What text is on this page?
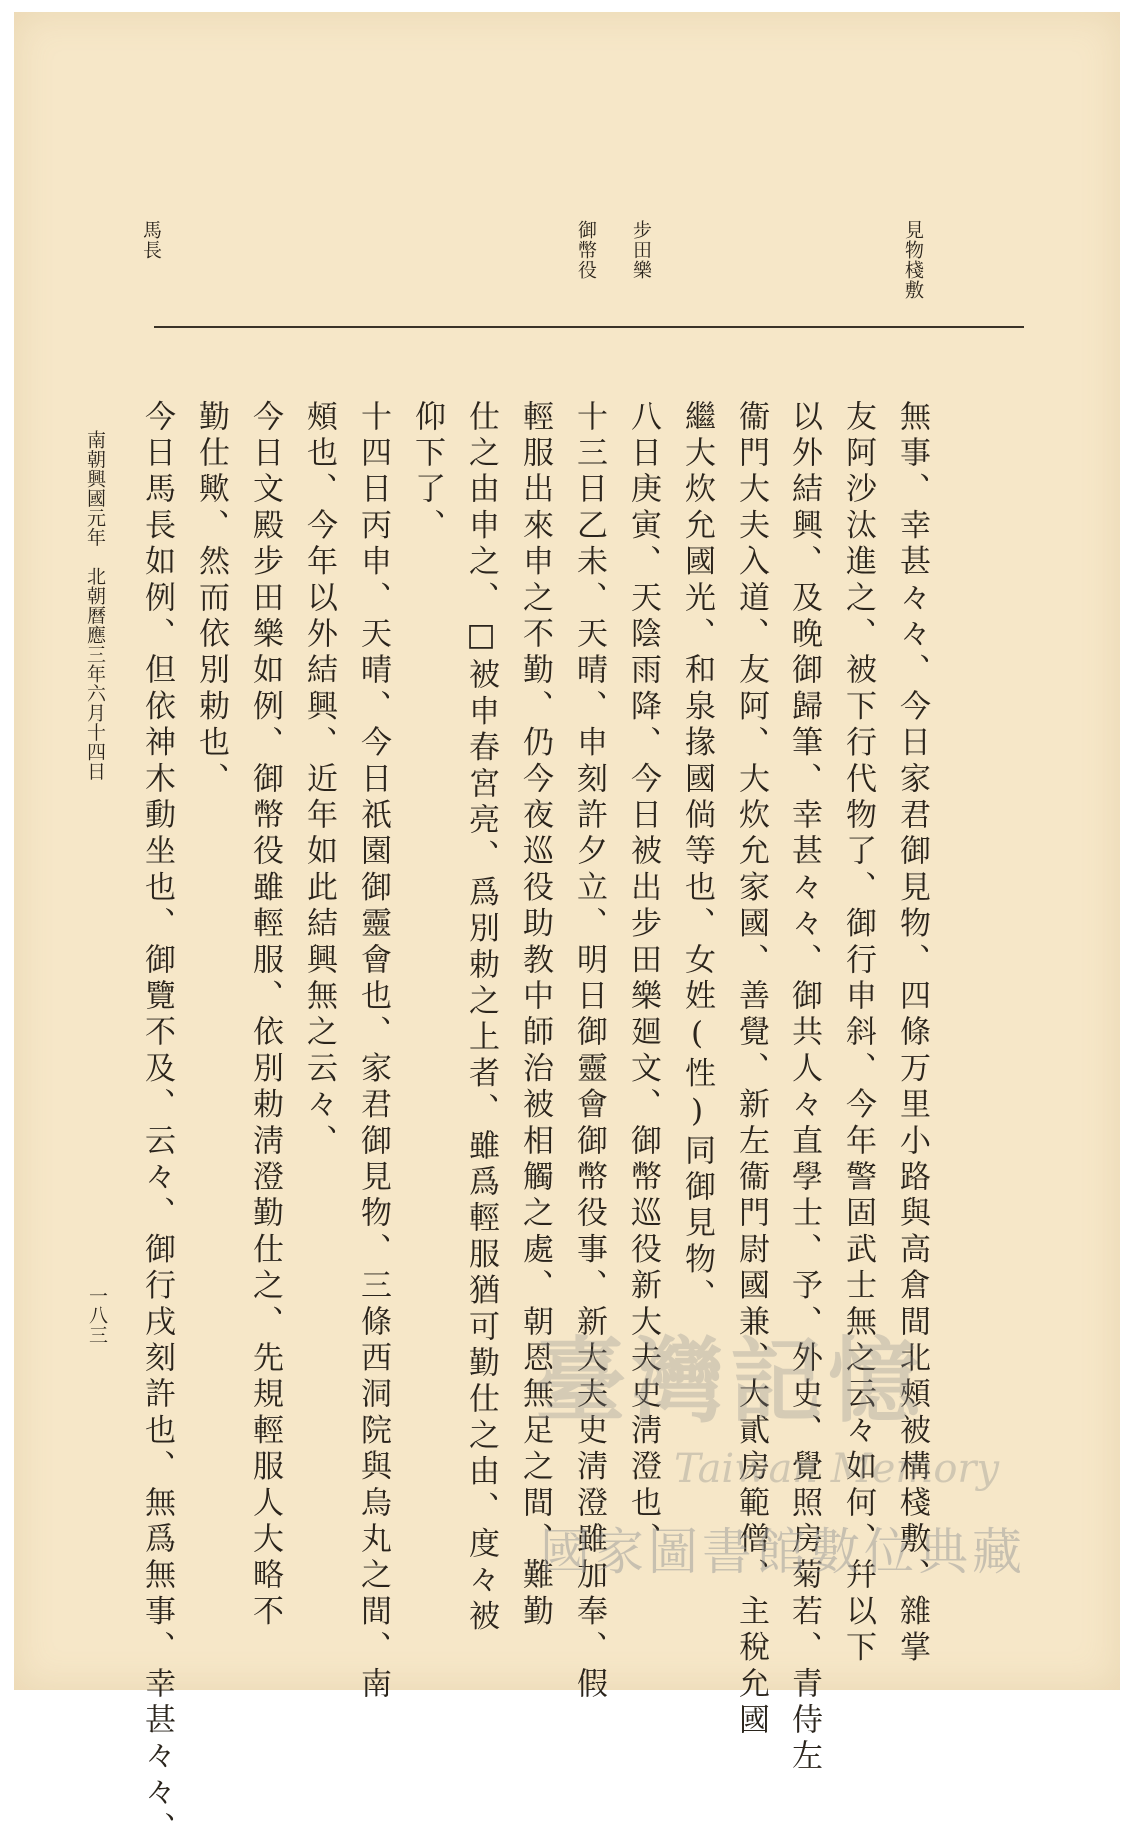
見物棧敷
步田樂
御幣役
馬長
無事、幸甚々々、今日家君御見物、四條万里小路與高倉間北頰被構棧敷、雜掌
友阿沙汰進之、被下行代物了、御行申斜、今年警固武士無之云々如何、幷以下
以外結興、及晚御歸筆、幸甚々々、御共人々直學士、予、外史、覺照房菊若、青侍左
衞門大夫入道、友阿、大炊允家國、善覺、新左衞門尉國兼、大貳房範僧、主稅允國
繼大炊允國光、和泉掾國倘等也、女姓(性)同御見物、
八日庚寅、天陰雨降、今日被出步田樂廻文、御幣巡役新大夫史淸澄也、
十三日乙未、天晴、申刻許夕立、明日御靈會御幣役事、新大夫史淸澄雖加奉、假
輕服出來申之不勤、仍今夜巡役助教中師治被相觸之處、朝恩無足之間、難勤
仕之由申之、□被申春宮亮、爲別勅之上者、雖爲輕服猶可勤仕之由、度々被
仰下了、
十四日丙申、天晴、今日祇園御靈會也、家君御見物、三條西洞院與烏丸之間、南
頰也、今年以外結興、近年如此結興無之云々、
今日文殿步田樂如例、御幣役雖輕服、依別勅淸澄勤仕之、先規輕服人大略不
勤仕歟、然而依別勅也、
今日馬長如例、但依神木動坐也、御覽不及、云々、御行戌刻許也、無爲無事、幸甚々々、
南朝興國元年　北朝曆應三年六月十四日
一八三
臺灣記憶
Taiwan Memory
國家圖書館數位典藏
